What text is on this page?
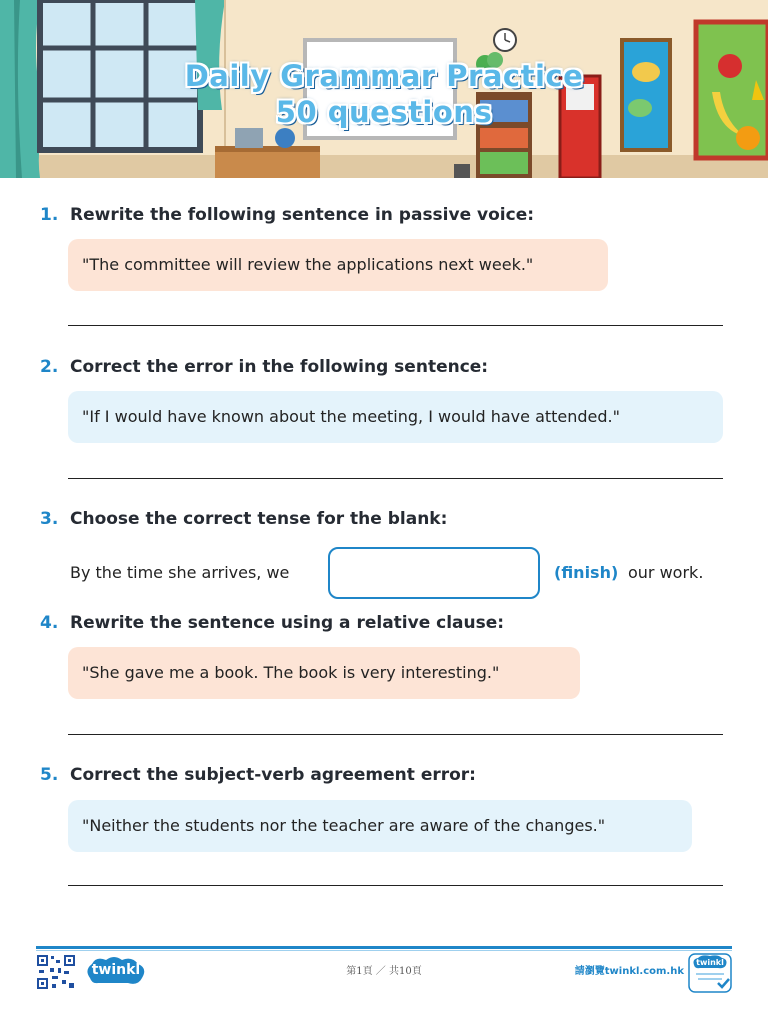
Daily Grammar Practice
50 questions
1. Rewrite the following sentence in passive voice:
"The committee will review the applications next week."
2. Correct the error in the following sentence:
"If I would have known about the meeting, I would have attended."
3. Choose the correct tense for the blank:
By the time she arrives, we	(finish) our work.
4. Rewrite the sentence using a relative clause:
"She gave me a book. The book is very interesting."
5. Correct the subject-verb agreement error:
"Neither the students nor the teacher are aware of the changes."
twinkl	第1頁 ／ 共10頁	請瀏覽twinkl.com.hk
twinkl
